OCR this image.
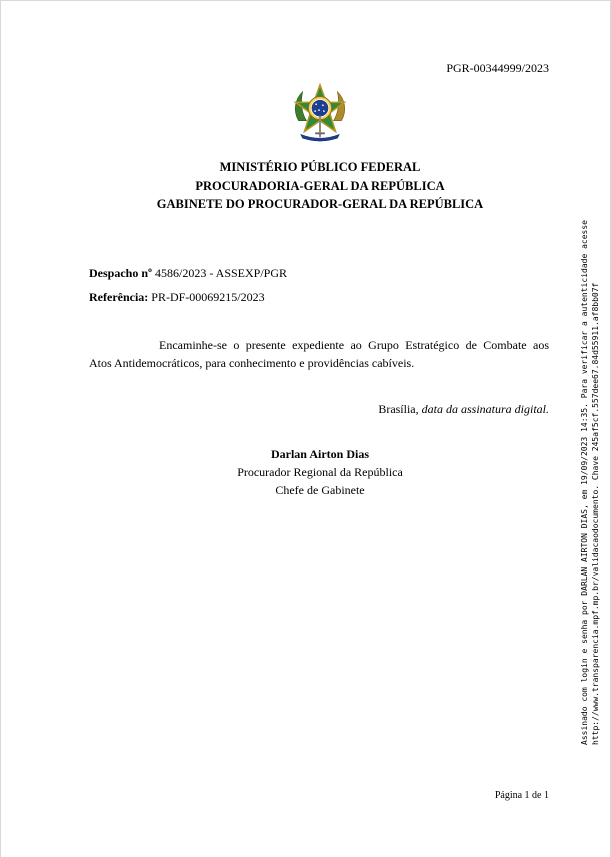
PGR-00344999/2023
MINISTÉRIO PÚBLICO FEDERAL
PROCURADORIA-GERAL DA REPÚBLICA
GABINETE DO PROCURADOR-GERAL DA REPÚBLICA
Despacho nº 4586/2023 - ASSEXP/PGR
Referência: PR-DF-00069215/2023
Encaminhe-se o presente expediente ao Grupo Estratégico de Combate aos
Atos Antidemocráticos, para conhecimento e providências cabíveis.
Brasília, data da assinatura digital.
Darlan Airton Dias
Procurador Regional da República
Chefe de Gabinete	Assinado com login e senha por DARLAN AIRTON DIAS, em 19/09/2023 14:35. Para verificar a autenticidade acesse http://www.transparencia.mpf.mp.br/validacaodocumento. Chave 245af5cf.557dee67.84d55911.af8bb07f
Página 1 de 1
